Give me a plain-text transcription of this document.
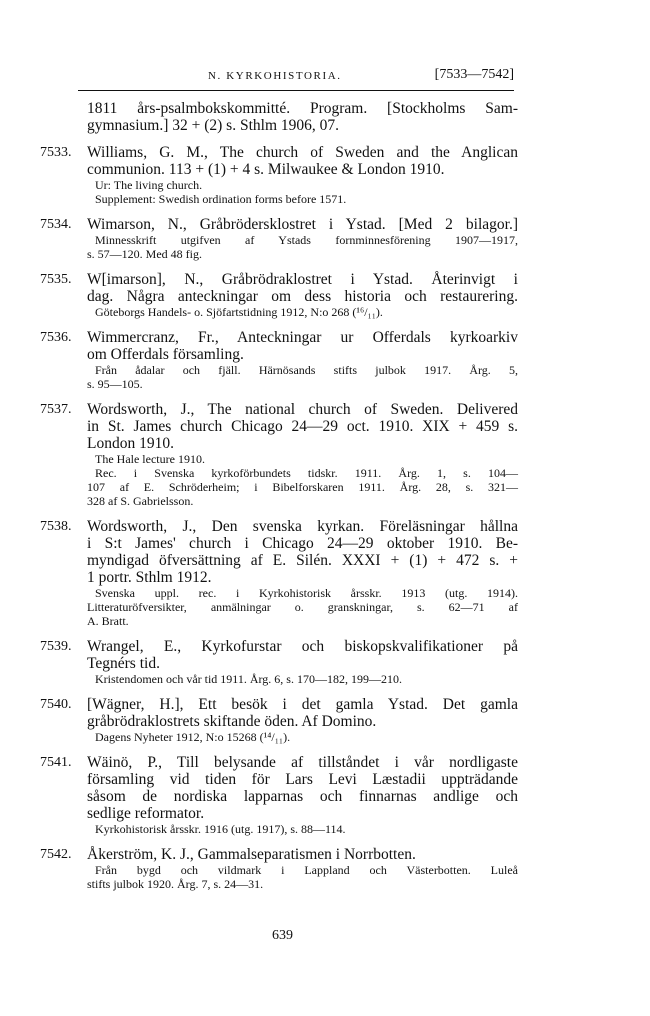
N. KYRKOHISTORIA.	[7533—7542]

1811 års-psalmbokskommitté. Program. [Stockholms Sam-

gymnasium.] 32 + (2) s. Sthlm 1906, 07.

7533.	Williams, G. M., The church of Sweden and the Anglican

communion. 113 + (1) + 4 s. Milwaukee & London 1910.

Ur: The living church.

Supplement: Swedish ordination forms before 1571.

7534.	Wimarson, N., Gråbrödersklostret i Ystad. [Med 2 bilagor.]

Minnesskrift utgifven af Ystads fornminnesförening 1907—1917,

s. 57—120. Med 48 fig.

7535.	W[imarson], N., Gråbrödraklostret i Ystad. Återinvigt i

dag. Några anteckningar om dess historia och restaurering.

Göteborgs Handels- o. Sjöfartstidning 1912, N:o 268 (¹⁶/₁₁).

7536.	Wimmercranz, Fr., Anteckningar ur Offerdals kyrkoarkiv

om Offerdals församling.

Från ådalar och fjäll. Härnösands stifts julbok 1917. Årg. 5,

s. 95—105.

7537.	Wordsworth, J., The national church of Sweden. Delivered

in St. James church Chicago 24—29 oct. 1910. XIX + 459 s.

London 1910.

The Hale lecture 1910.

Rec. i Svenska kyrkoförbundets tidskr. 1911. Årg. 1, s. 104—

107 af E. Schröderheim; i Bibelforskaren 1911. Årg. 28, s. 321—

328 af S. Gabrielsson.

7538.	Wordsworth, J., Den svenska kyrkan. Föreläsningar hållna

i S:t James' church i Chicago 24—29 oktober 1910. Be-

myndigad öfversättning af E. Silén. XXXI + (1) + 472 s. +

1 portr. Sthlm 1912.

Svenska uppl. rec. i Kyrkohistorisk årsskr. 1913 (utg. 1914).

Litteraturöfversikter, anmälningar o. granskningar, s. 62—71 af

A. Bratt.

7539.	Wrangel, E., Kyrkofurstar och biskopskvalifikationer på

Tegnérs tid.

Kristendomen och vår tid 1911. Årg. 6, s. 170—182, 199—210.

7540.	[Wägner, H.], Ett besök i det gamla Ystad. Det gamla

gråbrödraklostrets skiftande öden. Af Domino.

Dagens Nyheter 1912, N:o 15268 (¹⁴/₁₁).

7541.	Wäinö, P., Till belysande af tillståndet i vår nordligaste

församling vid tiden för Lars Levi Læstadii uppträdande

såsom de nordiska lapparnas och finnarnas andlige och

sedlige reformator.

Kyrkohistorisk årsskr. 1916 (utg. 1917), s. 88—114.

7542.	Åkerström, K. J., Gammalseparatismen i Norrbotten.

Från bygd och vildmark i Lappland och Västerbotten. Luleå

stifts julbok 1920. Årg. 7, s. 24—31.

639
